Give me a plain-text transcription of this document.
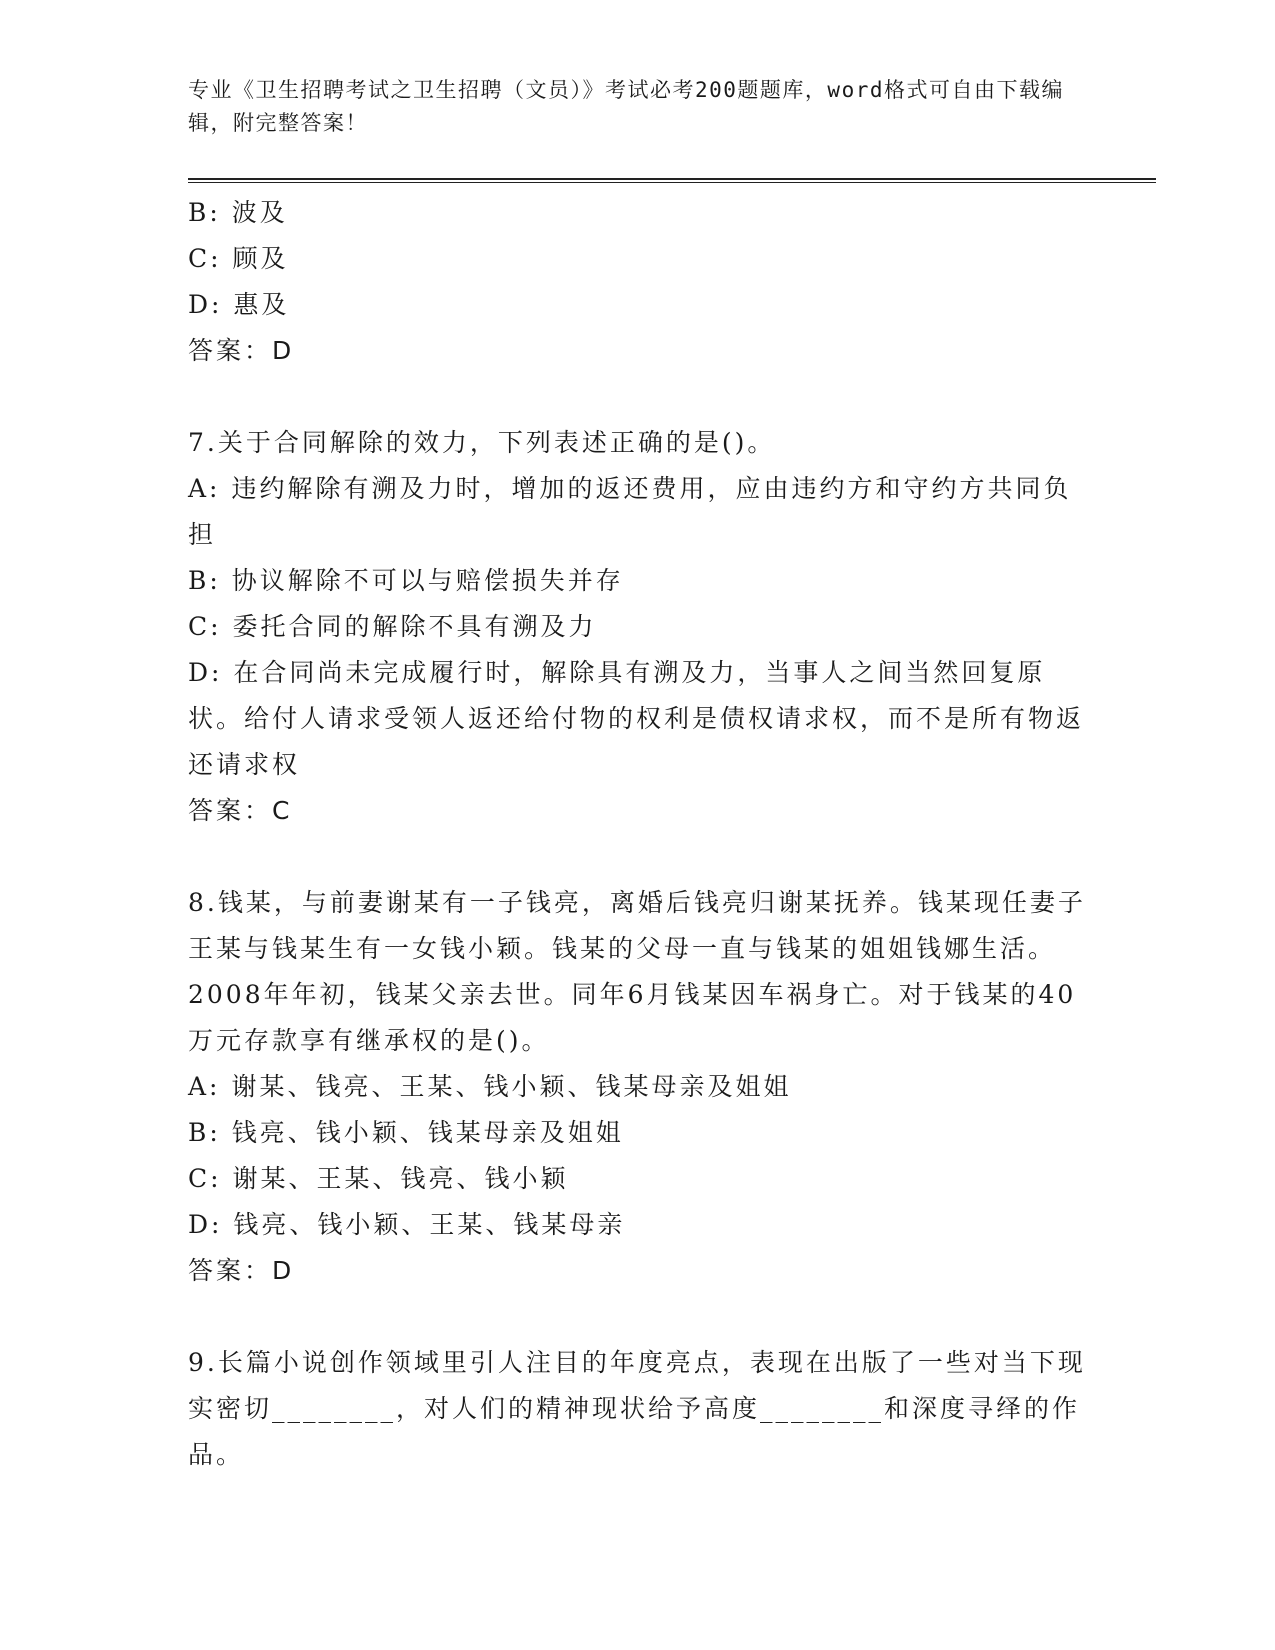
专业《卫生招聘考试之卫生招聘（文员）》考试必考200题题库，word格式可自由下载编辑，附完整答案！

B: 波及

C: 顾及

D: 惠及

答案：D

7.关于合同解除的效力，下列表述正确的是()。

A: 违约解除有溯及力时，增加的返还费用，应由违约方和守约方共同负担

B: 协议解除不可以与赔偿损失并存

C: 委托合同的解除不具有溯及力

D: 在合同尚未完成履行时，解除具有溯及力，当事人之间当然回复原状。给付人请求受领人返还给付物的权利是债权请求权，而不是所有物返还请求权

答案：C

8.钱某，与前妻谢某有一子钱亮，离婚后钱亮归谢某抚养。钱某现任妻子王某与钱某生有一女钱小颖。钱某的父母一直与钱某的姐姐钱娜生活。2008年年初，钱某父亲去世。同年6月钱某因车祸身亡。对于钱某的40万元存款享有继承权的是()。

A: 谢某、钱亮、王某、钱小颖、钱某母亲及姐姐

B: 钱亮、钱小颖、钱某母亲及姐姐

C: 谢某、王某、钱亮、钱小颖

D: 钱亮、钱小颖、王某、钱某母亲

答案：D

9.长篇小说创作领域里引人注目的年度亮点，表现在出版了一些对当下现实密切________，对人们的精神现状给予高度________和深度寻绎的作品。
